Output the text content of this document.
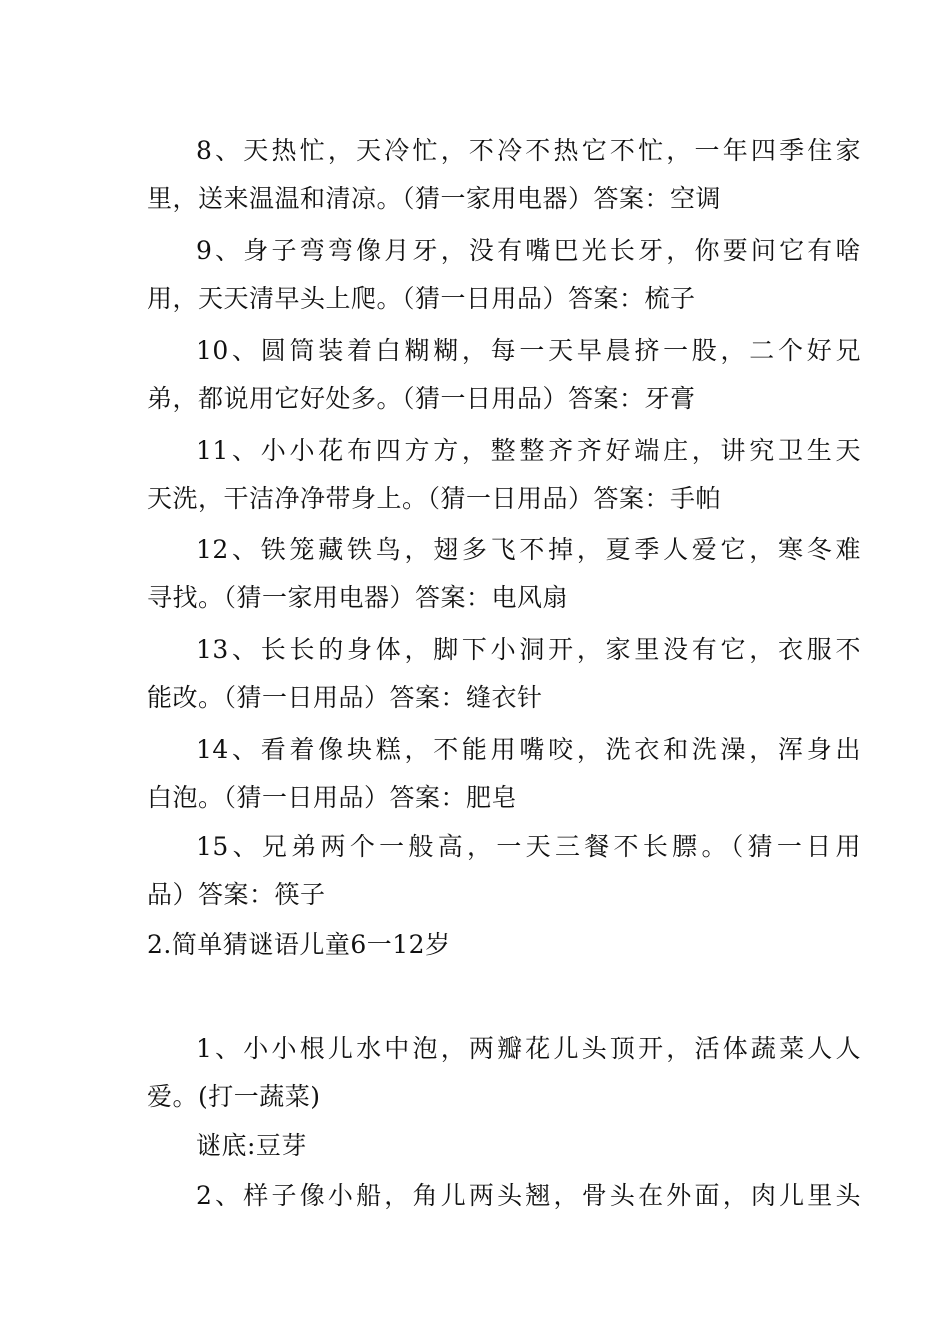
8、天热忙，天冷忙，不冷不热它不忙，一年四季住家
里，送来温温和清凉。（猜一家用电器）答案：空调
9、身子弯弯像月牙，没有嘴巴光长牙，你要问它有啥
用，天天清早头上爬。（猜一日用品）答案：梳子
10、圆筒装着白糊糊，每一天早晨挤一股，二个好兄
弟，都说用它好处多。（猜一日用品）答案：牙膏
11、小小花布四方方，整整齐齐好端庄，讲究卫生天
天洗，干洁净净带身上。（猜一日用品）答案：手帕
12、铁笼藏铁鸟，翅多飞不掉，夏季人爱它，寒冬难
寻找。（猜一家用电器）答案：电风扇
13、长长的身体，脚下小洞开，家里没有它，衣服不
能改。（猜一日用品）答案：缝衣针
14、看着像块糕，不能用嘴咬，洗衣和洗澡，浑身出
白泡。（猜一日用品）答案：肥皂
15、兄弟两个一般高，一天三餐不长膘。（猜一日用
品）答案：筷子
2.简单猜谜语儿童6一12岁
1、小小根儿水中泡，两瓣花儿头顶开，活体蔬菜人人
爱。(打一蔬菜)
谜底:豆芽
2、样子像小船，角儿两头翘，骨头在外面，肉儿里头
